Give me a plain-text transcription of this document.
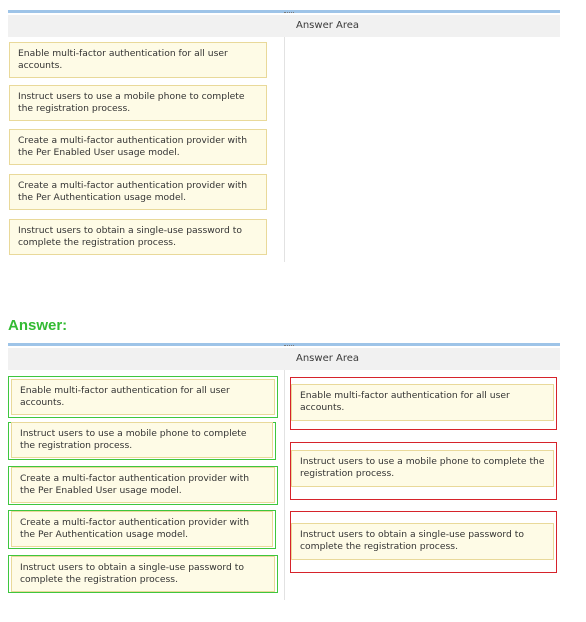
Answer Area
Enable multi-factor authentication for all user accounts.
Instruct users to use a mobile phone to complete the registration process.
Create a multi-factor authentication provider with the Per Enabled User usage model.
Create a multi-factor authentication provider with the Per Authentication usage model.
Instruct users to obtain a single-use password to complete the registration process.
Answer:
Answer Area
Enable multi-factor authentication for all user accounts.
Instruct users to use a mobile phone to complete the registration process.
Create a multi-factor authentication provider with the Per Enabled User usage model.
Create a multi-factor authentication provider with the Per Authentication usage model.
Instruct users to obtain a single-use password to complete the registration process.
Enable multi-factor authentication for all user accounts.
Instruct users to use a mobile phone to complete the registration process.
Instruct users to obtain a single-use password to complete the registration process.
